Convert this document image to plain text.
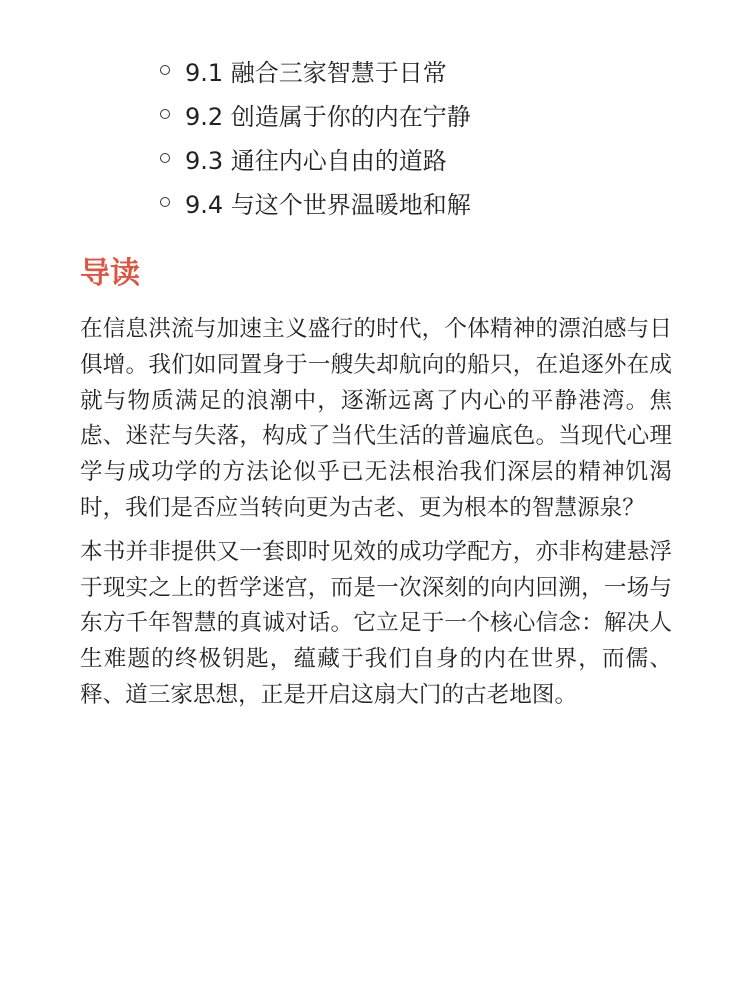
9.1 融合三家智慧于日常
9.2 创造属于你的内在宁静
9.3 通往内心自由的道路
9.4 与这个世界温暖地和解
导读

在信息洪流与加速主义盛行的时代，个体精神的漂泊感与日俱增。我们如同置身于一艘失却航向的船只，在追逐外在成就与物质满足的浪潮中，逐渐远离了内心的平静港湾。焦虑、迷茫与失落，构成了当代生活的普遍底色。当现代心理学与成功学的方法论似乎已无法根治我们深层的精神饥渴时，我们是否应当转向更为古老、更为根本的智慧源泉？

本书并非提供又一套即时见效的成功学配方，亦非构建悬浮于现实之上的哲学迷宫，而是一次深刻的向内回溯，一场与东方千年智慧的真诚对话。它立足于一个核心信念：解决人生难题的终极钥匙，蕴藏于我们自身的内在世界，而儒、释、道三家思想，正是开启这扇大门的古老地图。
